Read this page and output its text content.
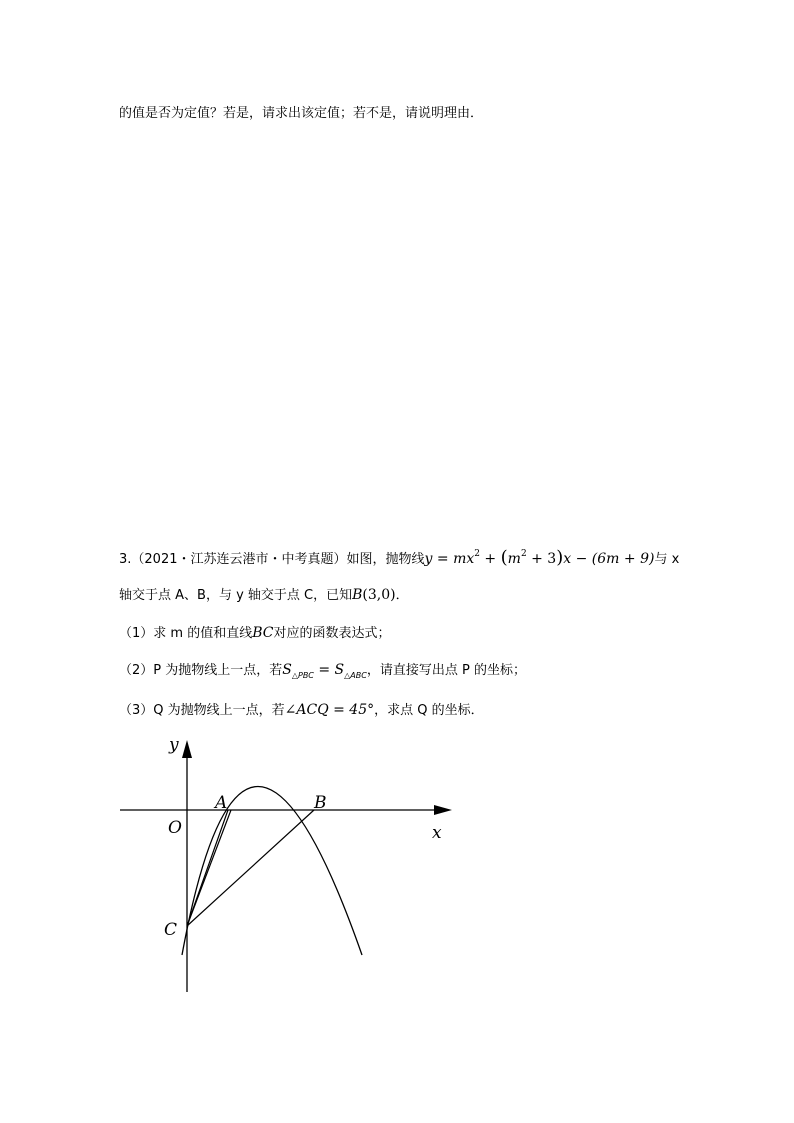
的值是否为定值？若是，请求出该定值；若不是，请说明理由．
3.（2021・江苏连云港市・中考真题）如图，抛物线$y = mx^2 + (m^2 + 3)x - (6m + 9)$与 x
轴交于点 A、B，与 y 轴交于点 C，已知B(3,0)．
（1）求 m 的值和直线BC对应的函数表达式；
（2）P 为抛物线上一点，若$S_{\triangle PBC} = S_{\triangle ABC}$，请直接写出点 P 的坐标；
（3）Q 为抛物线上一点，若∠ACQ = 45°，求点 Q 的坐标．
y
x
O
A	B
C
